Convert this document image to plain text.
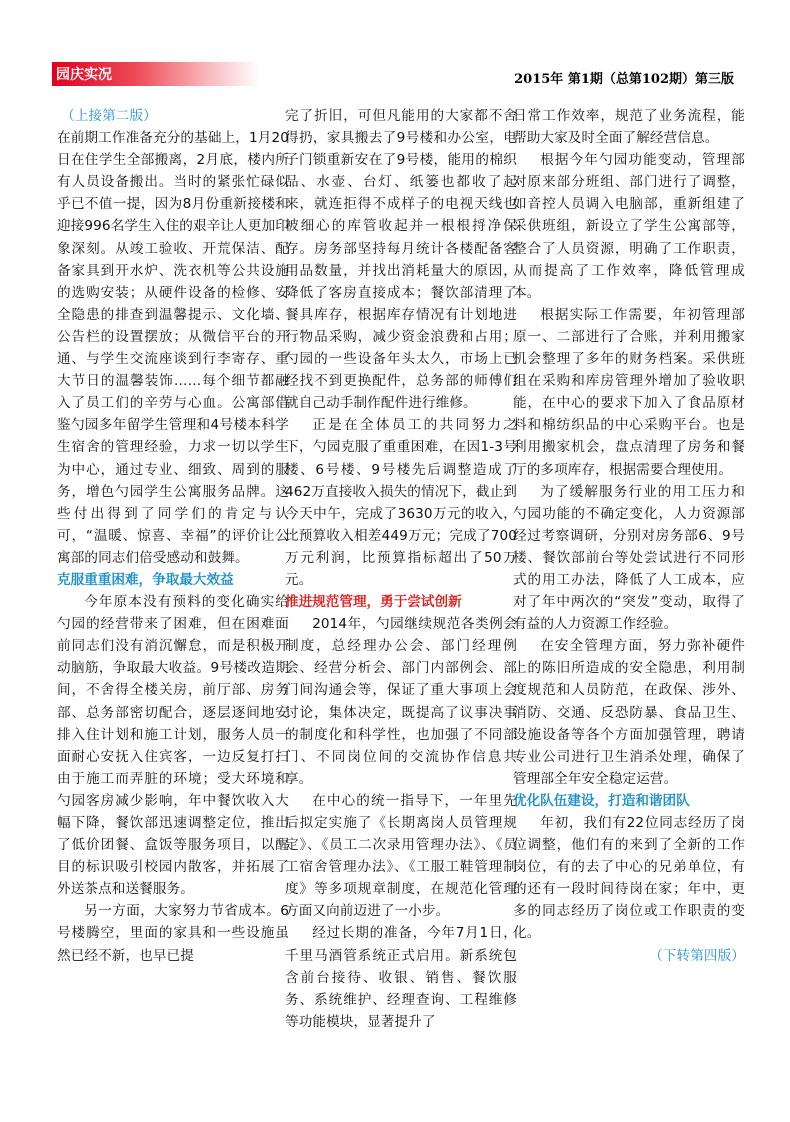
园庆实况	2015年 第1期（总第102期）第三版

（上接第二版）

在前期工作准备充分的基础上，1月20日在住学生全部搬离，2月底，楼内所有人员设备搬出。当时的紧张忙碌似乎已不值一提，因为8月份重新接楼和迎接996名学生入住的艰辛让人更加印象深刻。从竣工验收、开荒保洁、配备家具到开水炉、洗衣机等公共设施的选购安装；从硬件设备的检修、安全隐患的排查到温馨提示、文化墙、公告栏的设置摆放；从微信平台的开通、与学生交流座谈到行李寄存、重大节日的温馨装饰……每个细节都融入了员工们的辛劳与心血。公寓部借鉴勺园多年留学生管理和4号楼本科学生宿舍的管理经验，力求一切以学生为中心，通过专业、细致、周到的服务，增色勺园学生公寓服务品牌。这些付出得到了同学们的肯定与认可，“温暖、惊喜、幸福”的评价让公寓部的同志们倍受感动和鼓舞。

克服重重困难，争取最大效益

今年原本没有预料的变化确实给勺园的经营带来了困难，但在困难面前同志们没有消沉懈怠，而是积极开动脑筋，争取最大收益。9号楼改造期间，不舍得全楼关房，前厅部、房务部、总务部密切配合，逐层逐间地安排入住计划和施工计划，服务人员一面耐心安抚入住宾客，一边反复打扫由于施工而弄脏的环境；受大环境和勺园客房减少影响，年中餐饮收入大幅下降，餐饮部迅速调整定位，推出了低价团餐、盒饭等服务项目，以醒目的标识吸引校园内散客，并拓展了外送茶点和送餐服务。

另一方面，大家努力节省成本。6号楼腾空，里面的家具和一些设施虽然已经不新，也早已提

完了折旧，可但凡能用的大家都不舍得扔，家具搬去了9号楼和办公室，电子门锁重新安在了9号楼，能用的棉织品、水壶、台灯、纸篓也都收了起来，就连拒得不成样子的电视天线也被细心的库管收起并一根根捋净保存。房务部坚持每月统计各楼配备客用品数量，并找出消耗量大的原因，降低了客房直接成本；餐饮部清理了餐具库存，根据库存情况有计划地进行物品采购，减少资金浪费和占用；勺园的一些设备年头太久，市场上已经找不到更换配件，总务部的师傅们就自己动手制作配件进行维修。

正是在全体员工的共同努力之下，勺园克服了重重困难，在因1-3号楼、6号楼、9号楼先后调整造成了462万直接收入损失的情况下，截止到今天中午，完成了3630万元的收入，比预算收入相差449万元；完成了700万元利润，比预算指标超出了50万元。

推进规范管理，勇于尝试创新

2014年，勺园继续规范各类例会制度，总经理办公会、部门经理例会、经营分析会、部门内部例会、部门间沟通会等，保证了重大事项上会讨论，集体决定，既提高了议事决事的制度化和科学性，也加强了不同部门、不同岗位间的交流协作信息共享。

在中心的统一指导下，一年里先后拟定实施了《长期离岗人员管理规定》、《员工二次录用管理办法》、《员工宿舍管理办法》、《工服工鞋管理制度》等多项规章制度，在规范化管理方面又向前迈进了一小步。

经过长期的准备，今年7月1日，千里马酒管系统正式启用。新系统包含前台接待、收银、销售、餐饮服务、系统维护、经理查询、工程维修等功能模块，显著提升了

日常工作效率，规范了业务流程，能帮助大家及时全面了解经营信息。

根据今年勺园功能变动，管理部对原来部分班组、部门进行了调整，如音控人员调入电脑部，重新组建了采供班组，新设立了学生公寓部等，整合了人员资源，明确了工作职责，从而提高了工作效率，降低管理成本。

根据实际工作需要，年初管理部原一、二部进行了合账，并利用搬家机会整理了多年的财务档案。采供班组在采购和库房管理外增加了验收职能，在中心的要求下加入了食品原材料和棉纺织品的中心采购平台。也是利用搬家机会，盘点清理了房务和餐厅的多项库存，根据需要合理使用。

为了缓解服务行业的用工压力和勺园功能的不确定变化，人力资源部经过考察调研，分别对房务部6、9号楼、餐饮部前台等处尝试进行不同形式的用工办法，降低了人工成本，应对了年中两次的“突发”变动，取得了有益的人力资源工作经验。

在安全管理方面，努力弥补硬件上的陈旧所造成的安全隐患，利用制度规范和人员防范，在政保、涉外、消防、交通、反恐防暴、食品卫生、设施设备等各个方面加强管理，聘请专业公司进行卫生消杀处理，确保了管理部全年安全稳定运营。

优化队伍建设，打造和谐团队

年初，我们有22位同志经历了岗位调整，他们有的来到了全新的工作岗位，有的去了中心的兄弟单位，有的还有一段时间待岗在家；年中，更多的同志经历了岗位或工作职责的变化。

（下转第四版）
